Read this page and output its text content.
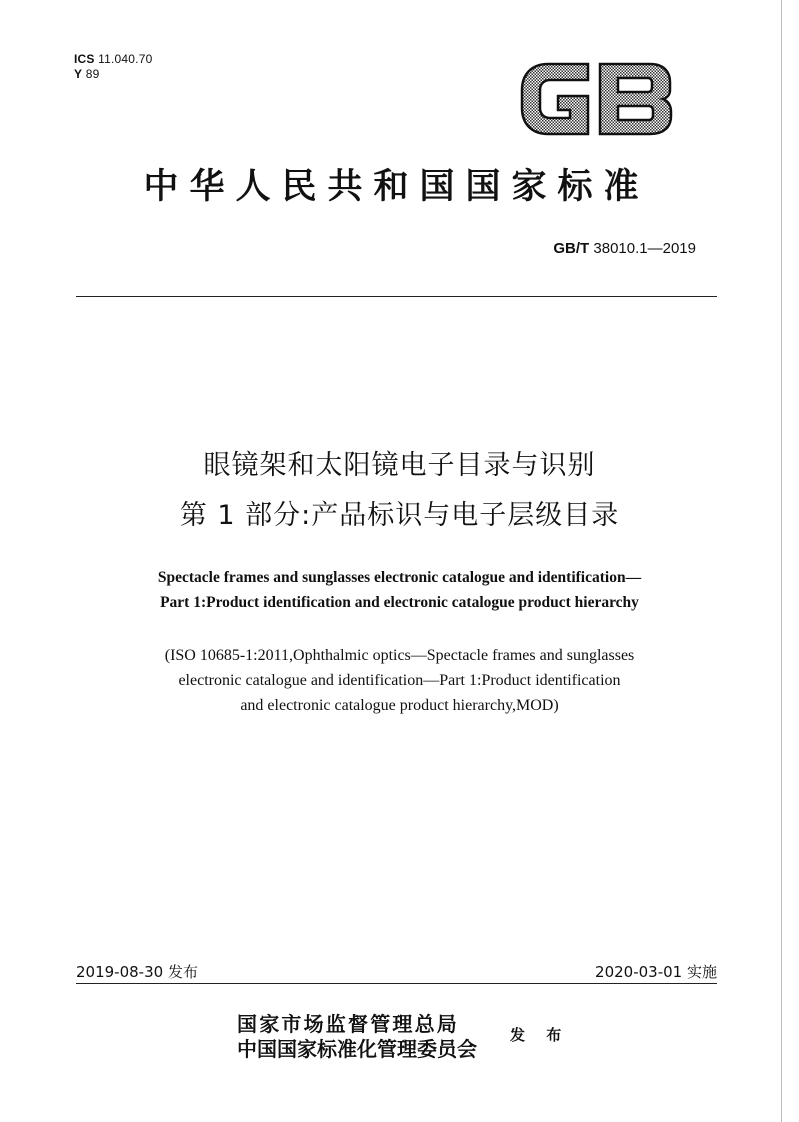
ICS 11.040.70
Y 89
中华人民共和国国家标准
GB/T 38010.1—2019
眼镜架和太阳镜电子目录与识别
第 1 部分:产品标识与电子层级目录
Spectacle frames and sunglasses electronic catalogue and identification—
Part 1:Product identification and electronic catalogue product hierarchy
(ISO 10685-1:2011,Ophthalmic optics—Spectacle frames and sunglasses
electronic catalogue and identification—Part 1:Product identification
and electronic catalogue product hierarchy,MOD)
2019-08-30 发布	2020-03-01 实施
国家市场监督管理总局
中国国家标准化管理委员会
发 布
